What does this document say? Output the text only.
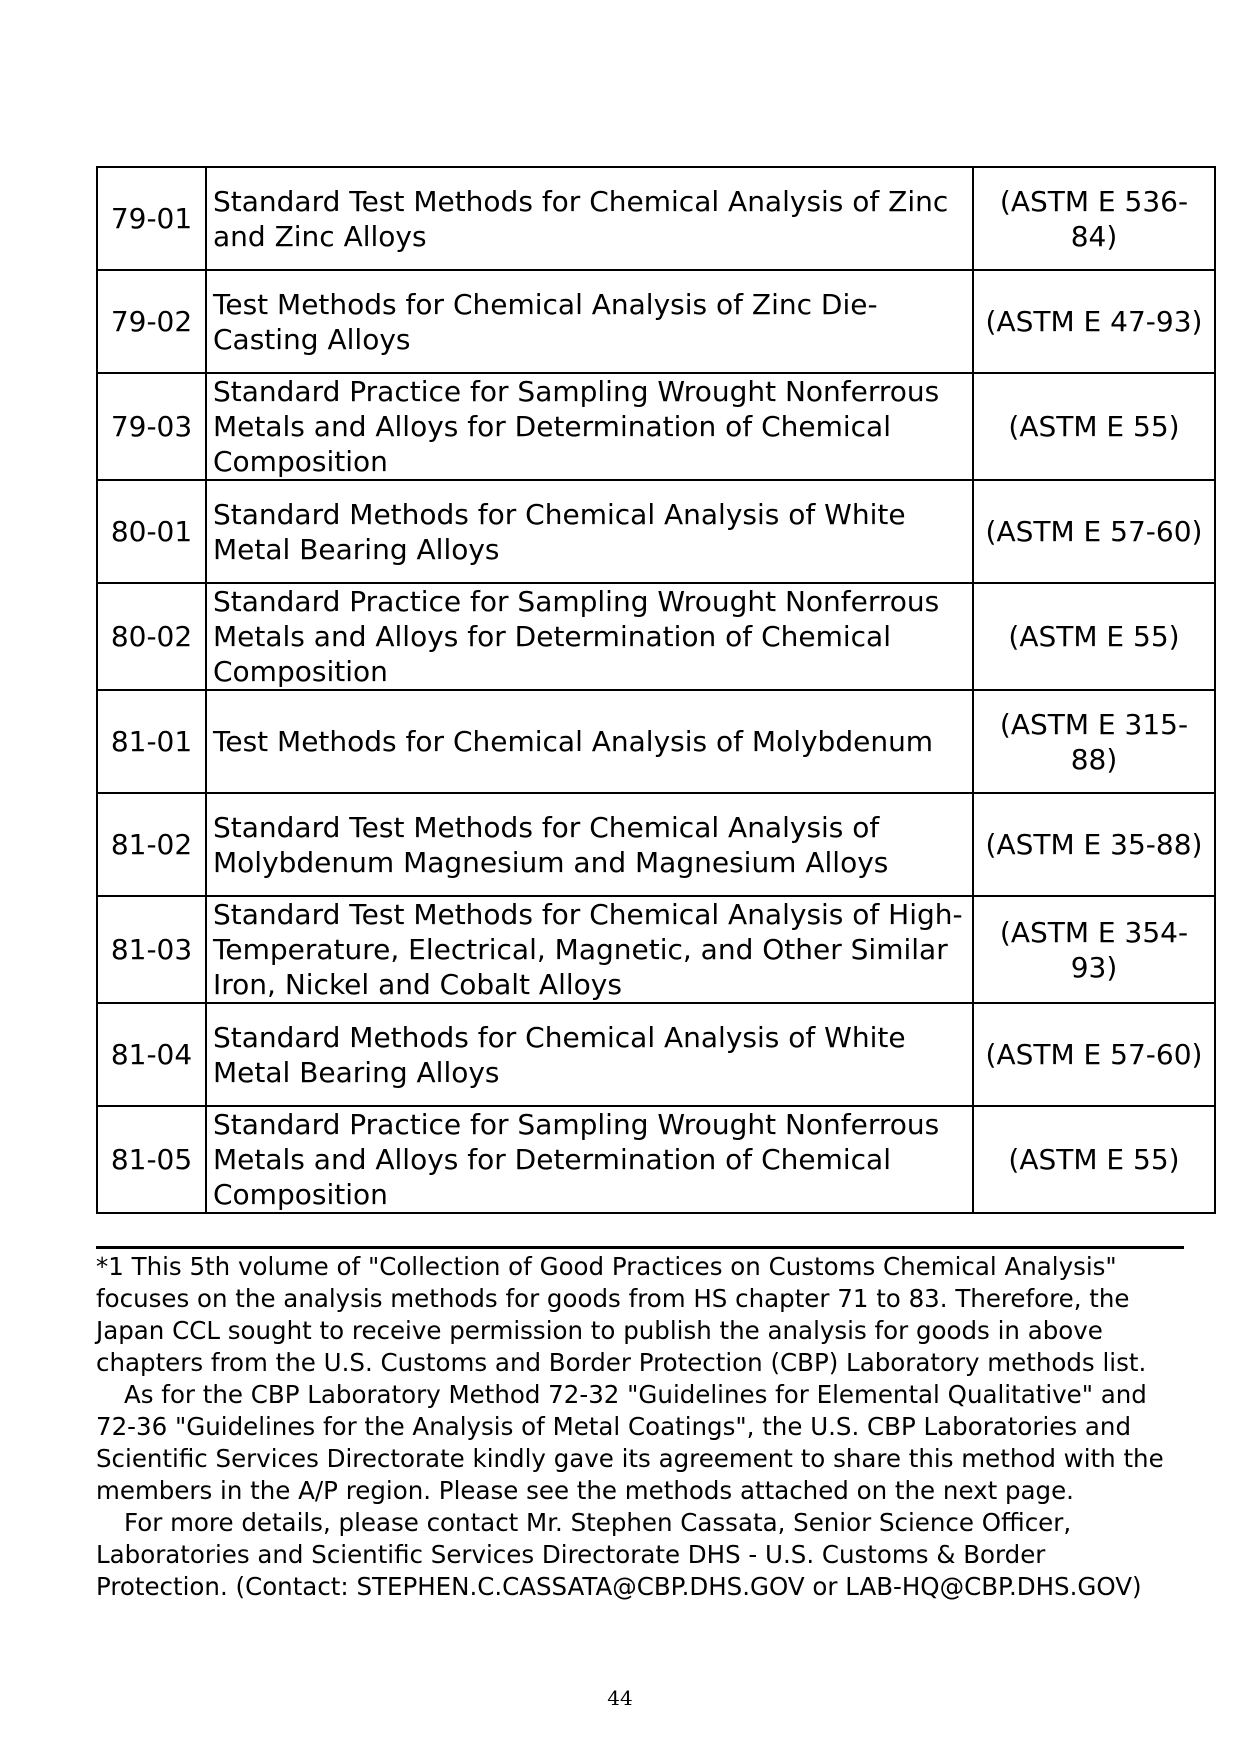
79-01	Standard Test Methods for Chemical Analysis of Zinc and Zinc Alloys	(ASTM E 536-84)
79-02	Test Methods for Chemical Analysis of Zinc Die-Casting Alloys	(ASTM E 47-93)
79-03	Standard Practice for Sampling Wrought Nonferrous Metals and Alloys for Determination of Chemical Composition	(ASTM E 55)
80-01	Standard Methods for Chemical Analysis of White Metal Bearing Alloys	(ASTM E 57-60)
80-02	Standard Practice for Sampling Wrought Nonferrous Metals and Alloys for Determination of Chemical Composition	(ASTM E 55)
81-01	Test Methods for Chemical Analysis of Molybdenum	(ASTM E 315-88)
81-02	Standard Test Methods for Chemical Analysis of Molybdenum Magnesium and Magnesium Alloys	(ASTM E 35-88)
81-03	Standard Test Methods for Chemical Analysis of High-Temperature, Electrical, Magnetic, and Other Similar Iron, Nickel and Cobalt Alloys	(ASTM E 354-93)
81-04	Standard Methods for Chemical Analysis of White Metal Bearing Alloys	(ASTM E 57-60)
81-05	Standard Practice for Sampling Wrought Nonferrous Metals and Alloys for Determination of Chemical Composition	(ASTM E 55)

*1 This 5th volume of "Collection of Good Practices on Customs Chemical Analysis" focuses on the analysis methods for goods from HS chapter 71 to 83. Therefore, the Japan CCL sought to receive permission to publish the analysis for goods in above chapters from the U.S. Customs and Border Protection (CBP) Laboratory methods list.

As for the CBP Laboratory Method 72-32 "Guidelines for Elemental Qualitative" and 72-36 "Guidelines for the Analysis of Metal Coatings", the U.S. CBP Laboratories and Scientific Services Directorate kindly gave its agreement to share this method with the members in the A/P region. Please see the methods attached on the next page.

For more details, please contact Mr. Stephen Cassata, Senior Science Officer, Laboratories and Scientific Services Directorate DHS - U.S. Customs & Border Protection. (Contact: STEPHEN.C.CASSATA@CBP.DHS.GOV or LAB-HQ@CBP.DHS.GOV)

44
